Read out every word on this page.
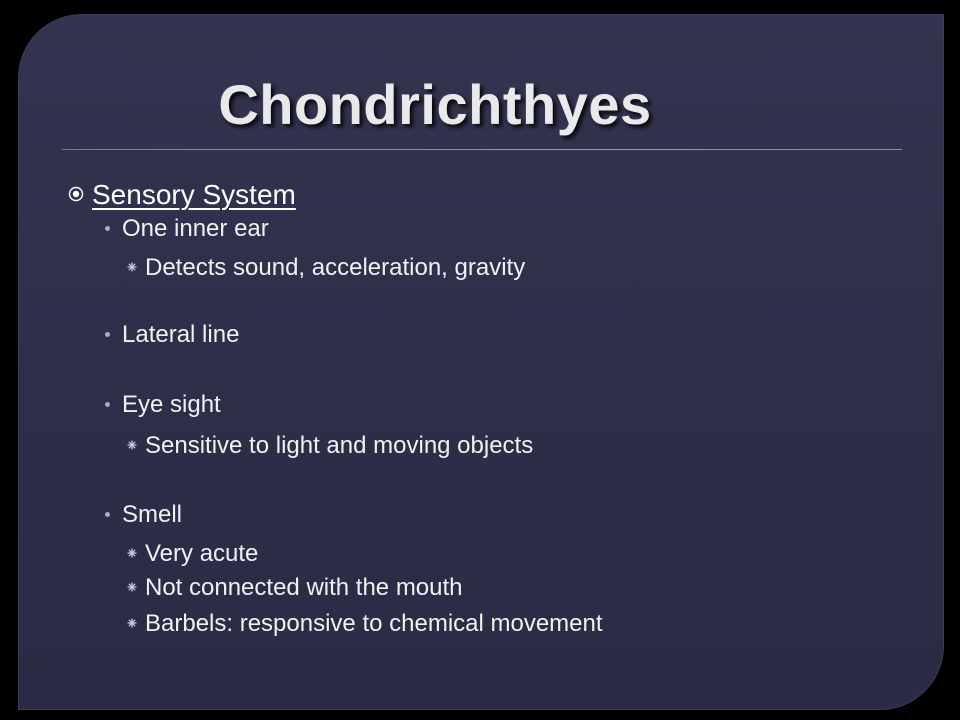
Chondrichthyes
Sensory System
One inner ear
Detects sound, acceleration, gravity
Lateral line
Eye sight
Sensitive to light and moving objects
Smell
Very acute
Not connected with the mouth
Barbels: responsive to chemical movement
